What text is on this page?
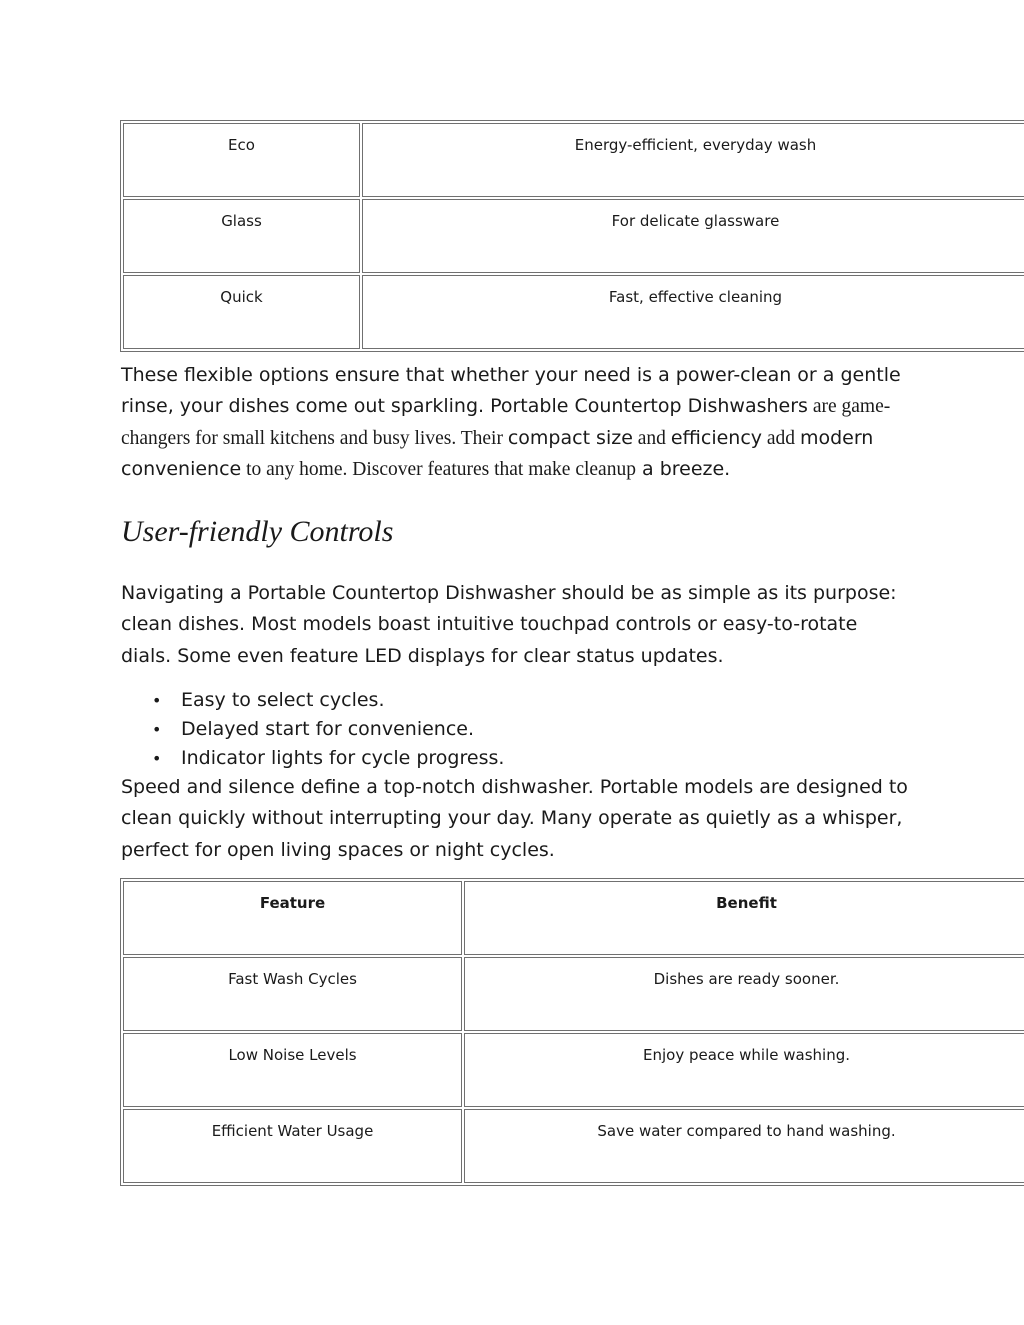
Eco	Energy-efficient, everyday wash
Glass	For delicate glassware
Quick	Fast, effective cleaning

These flexible options ensure that whether your need is a power-clean or a gentle rinse, your dishes come out sparkling. Portable Countertop Dishwashers are game-changers for small kitchens and busy lives. Their compact size and efficiency add modern convenience to any home. Discover features that make cleanup a breeze.

User-friendly Controls

Navigating a Portable Countertop Dishwasher should be as simple as its purpose: clean dishes. Most models boast intuitive touchpad controls or easy-to-rotate dials. Some even feature LED displays for clear status updates.

• Easy to select cycles.
• Delayed start for convenience.
• Indicator lights for cycle progress.

Speed and silence define a top-notch dishwasher. Portable models are designed to clean quickly without interrupting your day. Many operate as quietly as a whisper, perfect for open living spaces or night cycles.

Feature	Benefit
Fast Wash Cycles	Dishes are ready sooner.
Low Noise Levels	Enjoy peace while washing.
Efficient Water Usage	Save water compared to hand washing.
